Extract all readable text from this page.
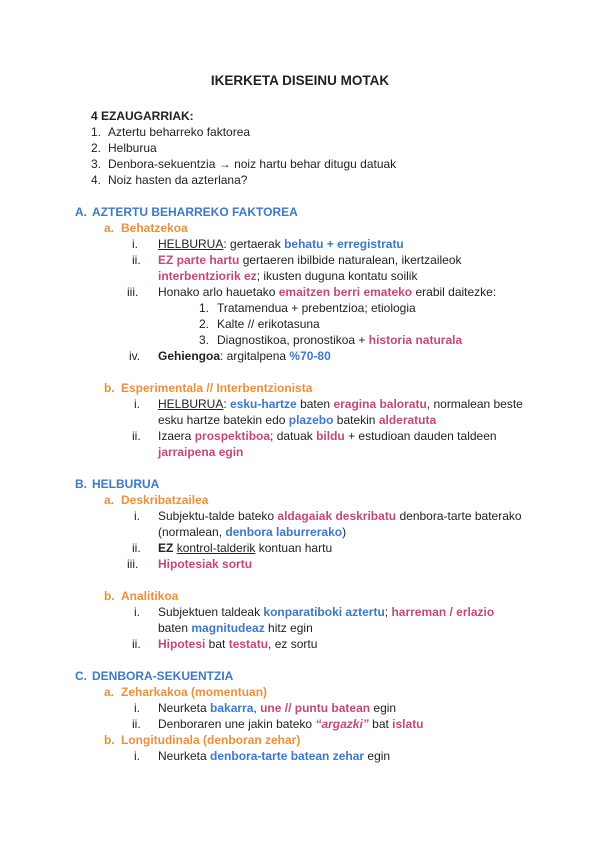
IKERKETA DISEINU MOTAK
4 EZAUGARRIAK:
1. Aztertu beharreko faktorea
2. Helburua
3. Denbora-sekuentzia → noiz hartu behar ditugu datuak
4. Noiz hasten da azterlana?
A. AZTERTU BEHARREKO FAKTOREA
a. Behatzekoa
i. HELBURUA: gertaerak behatu + erregistratu
ii. EZ parte hartu gertaeren ibilbide naturalean, ikertzaileok
interbentziorik ez; ikusten duguna kontatu soilik
iii. Honako arlo hauetako emaitzen berri emateko erabil daitezke:
1. Tratamendua + prebentzioa; etiologia
2. Kalte // erikotasuna
3. Diagnostikoa, pronostikoa + historia naturala
iv. Gehiengoa: argitalpena %70-80
b. Esperimentala // Interbentzionista
i. HELBURUA: esku-hartze baten eragina baloratu, normalean beste
esku hartze batekin edo plazebo batekin alderatuta
ii. Izaera prospektiboa; datuak bildu + estudioan dauden taldeen
jarraipena egin
B. HELBURUA
a. Deskribatzailea
i. Subjektu-talde bateko aldagaiak deskribatu denbora-tarte baterako
(normalean, denbora laburrerako)
ii. EZ kontrol-talderik kontuan hartu
iii. Hipotesiak sortu
b. Analitikoa
i. Subjektuen taldeak konparatiboki aztertu; harreman / erlazio
baten magnitudeaz hitz egin
ii. Hipotesi bat testatu, ez sortu
C. DENBORA-SEKUENTZIA
a. Zeharkakoa (momentuan)
i. Neurketa bakarra, une // puntu batean egin
ii. Denboraren une jakin bateko “argazki” bat islatu
b. Longitudinala (denboran zehar)
i. Neurketa denbora-tarte batean zehar egin
